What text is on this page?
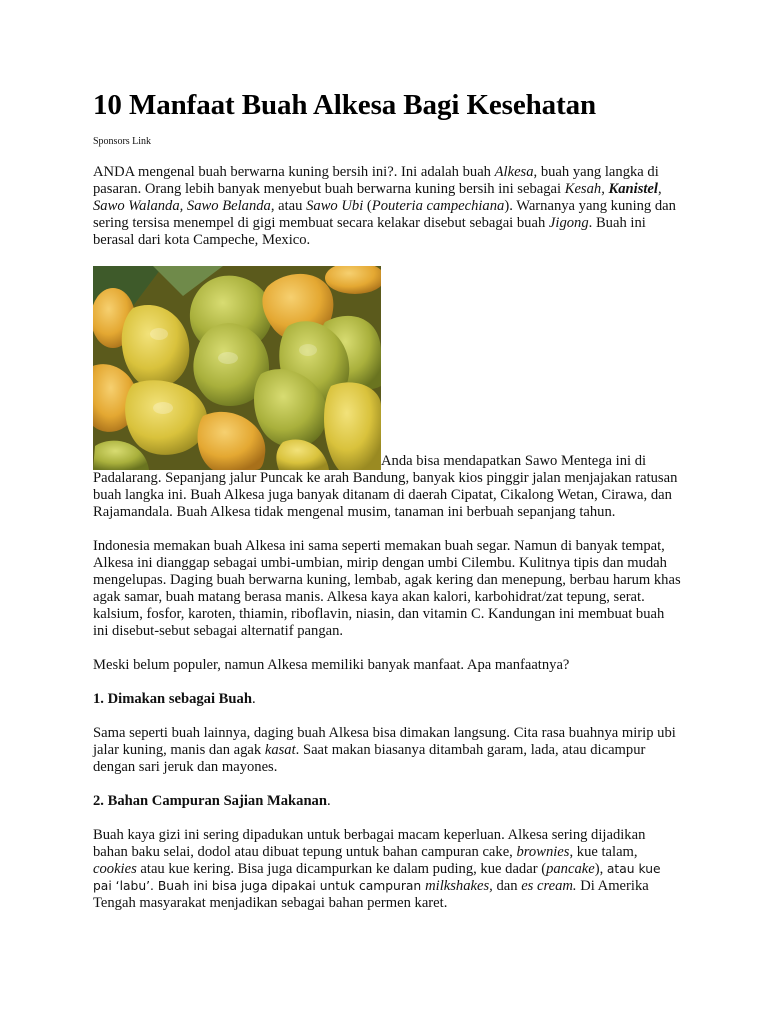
10 Manfaat Buah Alkesa Bagi Kesehatan
Sponsors Link

ANDA mengenal buah berwarna kuning bersih ini?. Ini adalah buah Alkesa, buah yang langka di pasaran. Orang lebih banyak menyebut buah berwarna kuning bersih ini sebagai Kesah, Kanistel, Sawo Walanda, Sawo Belanda, atau Sawo Ubi (Pouteria campechiana). Warnanya yang kuning dan sering tersisa menempel di gigi membuat secara kelakar disebut sebagai buah Jigong. Buah ini berasal dari kota Campeche, Mexico.

Anda bisa mendapatkan Sawo Mentega ini di Padalarang. Sepanjang jalur Puncak ke arah Bandung, banyak kios pinggir jalan menjajakan ratusan buah langka ini. Buah Alkesa juga banyak ditanam di daerah Cipatat, Cikalong Wetan, Cirawa, dan Rajamandala. Buah Alkesa tidak mengenal musim, tanaman ini berbuah sepanjang tahun.

Indonesia memakan buah Alkesa ini sama seperti memakan buah segar. Namun di banyak tempat, Alkesa ini dianggap sebagai umbi-umbian, mirip dengan umbi Cilembu. Kulitnya tipis dan mudah mengelupas. Daging buah berwarna kuning, lembab, agak kering dan menepung, berbau harum khas agak samar, buah matang berasa manis. Alkesa kaya akan kalori, karbohidrat/zat tepung, serat. kalsium, fosfor, karoten, thiamin, riboflavin, niasin, dan vitamin C. Kandungan ini membuat buah ini disebut-sebut sebagai alternatif pangan.

Meski belum populer, namun Alkesa memiliki banyak manfaat. Apa manfaatnya?

1. Dimakan sebagai Buah.

Sama seperti buah lainnya, daging buah Alkesa bisa dimakan langsung. Cita rasa buahnya mirip ubi jalar kuning, manis dan agak kasat. Saat makan biasanya ditambah garam, lada, atau dicampur dengan sari jeruk dan mayones.

2. Bahan Campuran Sajian Makanan.

Buah kaya gizi ini sering dipadukan untuk berbagai macam keperluan. Alkesa sering dijadikan bahan baku selai, dodol atau dibuat tepung untuk bahan campuran cake, brownies, kue talam, cookies atau kue kering. Bisa juga dicampurkan ke dalam puding, kue dadar (pancake), atau kue pai ‘labu’. Buah ini bisa juga dipakai untuk campuran milkshakes, dan es cream. Di Amerika Tengah masyarakat menjadikan sebagai bahan permen karet.
